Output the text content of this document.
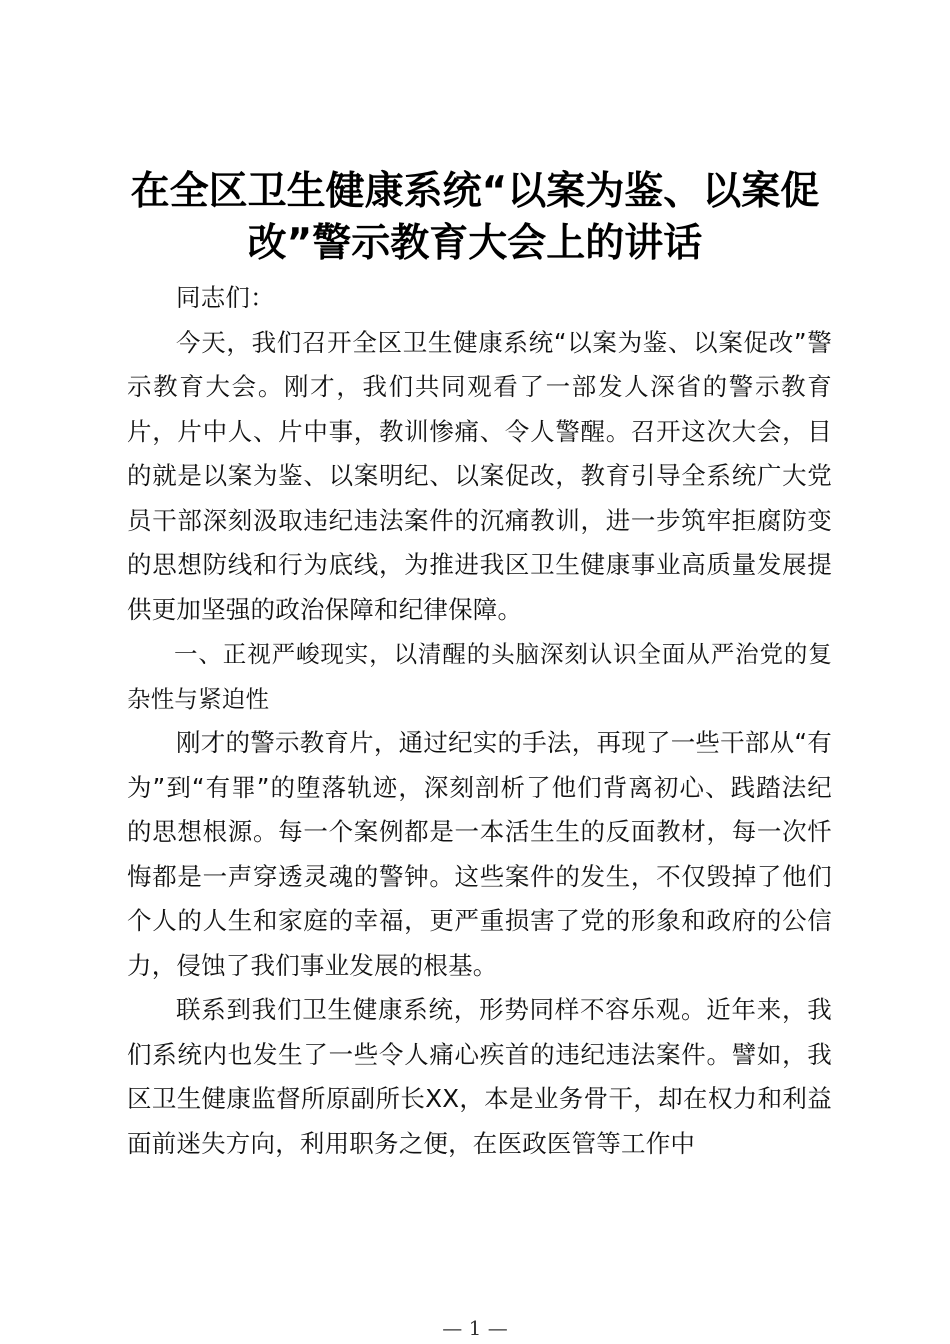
在全区卫生健康系统“以案为鉴、以案促改”警示教育大会上的讲话

同志们：

今天，我们召开全区卫生健康系统“以案为鉴、以案促改”警示教育大会。刚才，我们共同观看了一部发人深省的警示教育片，片中人、片中事，教训惨痛、令人警醒。召开这次大会，目的就是以案为鉴、以案明纪、以案促改，教育引导全系统广大党员干部深刻汲取违纪违法案件的沉痛教训，进一步筑牢拒腐防变的思想防线和行为底线，为推进我区卫生健康事业高质量发展提供更加坚强的政治保障和纪律保障。

一、正视严峻现实，以清醒的头脑深刻认识全面从严治党的复杂性与紧迫性

刚才的警示教育片，通过纪实的手法，再现了一些干部从“有为”到“有罪”的堕落轨迹，深刻剖析了他们背离初心、践踏法纪的思想根源。每一个案例都是一本活生生的反面教材，每一次忏悔都是一声穿透灵魂的警钟。这些案件的发生，不仅毁掉了他们个人的人生和家庭的幸福，更严重损害了党的形象和政府的公信力，侵蚀了我们事业发展的根基。

联系到我们卫生健康系统，形势同样不容乐观。近年来，我们系统内也发生了一些令人痛心疾首的违纪违法案件。譬如，我区卫生健康监督所原副所长XX，本是业务骨干，却在权力和利益面前迷失方向，利用职务之便，在医政医管等工作中

— 1 —
